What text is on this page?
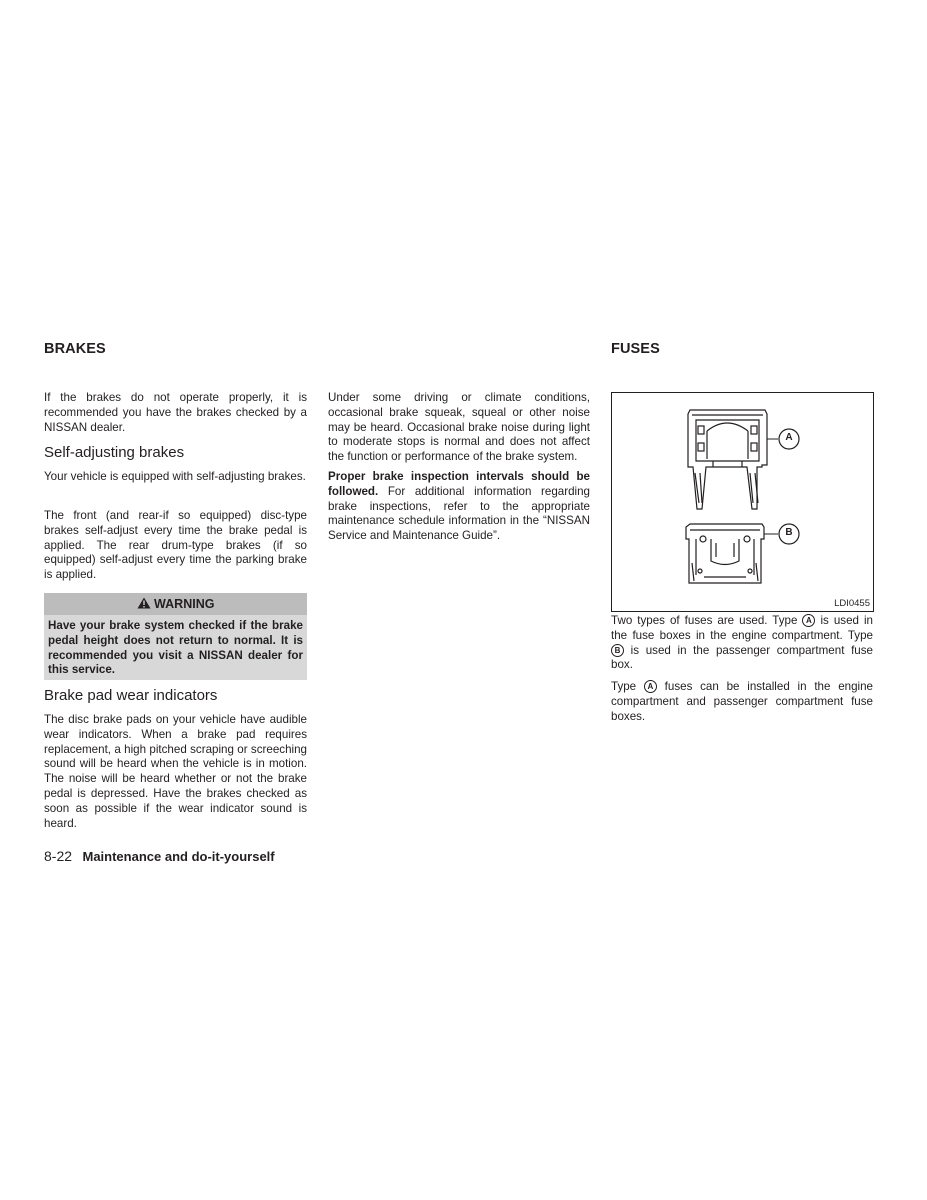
BRAKES

If the brakes do not operate properly, it is recommended you have the brakes checked by a NISSAN dealer.

Self-adjusting brakes

Your vehicle is equipped with self-adjusting brakes.

The front (and rear-if so equipped) disc-type brakes self-adjust every time the brake pedal is applied. The rear drum-type brakes (if so equipped) self-adjust every time the parking brake is applied.

WARNING
Have your brake system checked if the brake pedal height does not return to normal. It is recommended you visit a NISSAN dealer for this service.
Brake pad wear indicators

The disc brake pads on your vehicle have audible wear indicators. When a brake pad requires replacement, a high pitched scraping or screeching sound will be heard when the vehicle is in motion. The noise will be heard whether or not the brake pedal is depressed. Have the brakes checked as soon as possible if the wear indicator sound is heard.

Under some driving or climate conditions, occasional brake squeak, squeal or other noise may be heard. Occasional brake noise during light to moderate stops is normal and does not affect the function or performance of the brake system.

Proper brake inspection intervals should be followed. For additional information regarding brake inspections, refer to the appropriate maintenance schedule information in the “NISSAN Service and Maintenance Guide”.

FUSES
A
B
LDI0455

Two types of fuses are used. Type A is used in the fuse boxes in the engine compartment. Type B is used in the passenger compartment fuse box.

Type A fuses can be installed in the engine compartment and passenger compartment fuse boxes.

8-22 Maintenance and do-it-yourself
